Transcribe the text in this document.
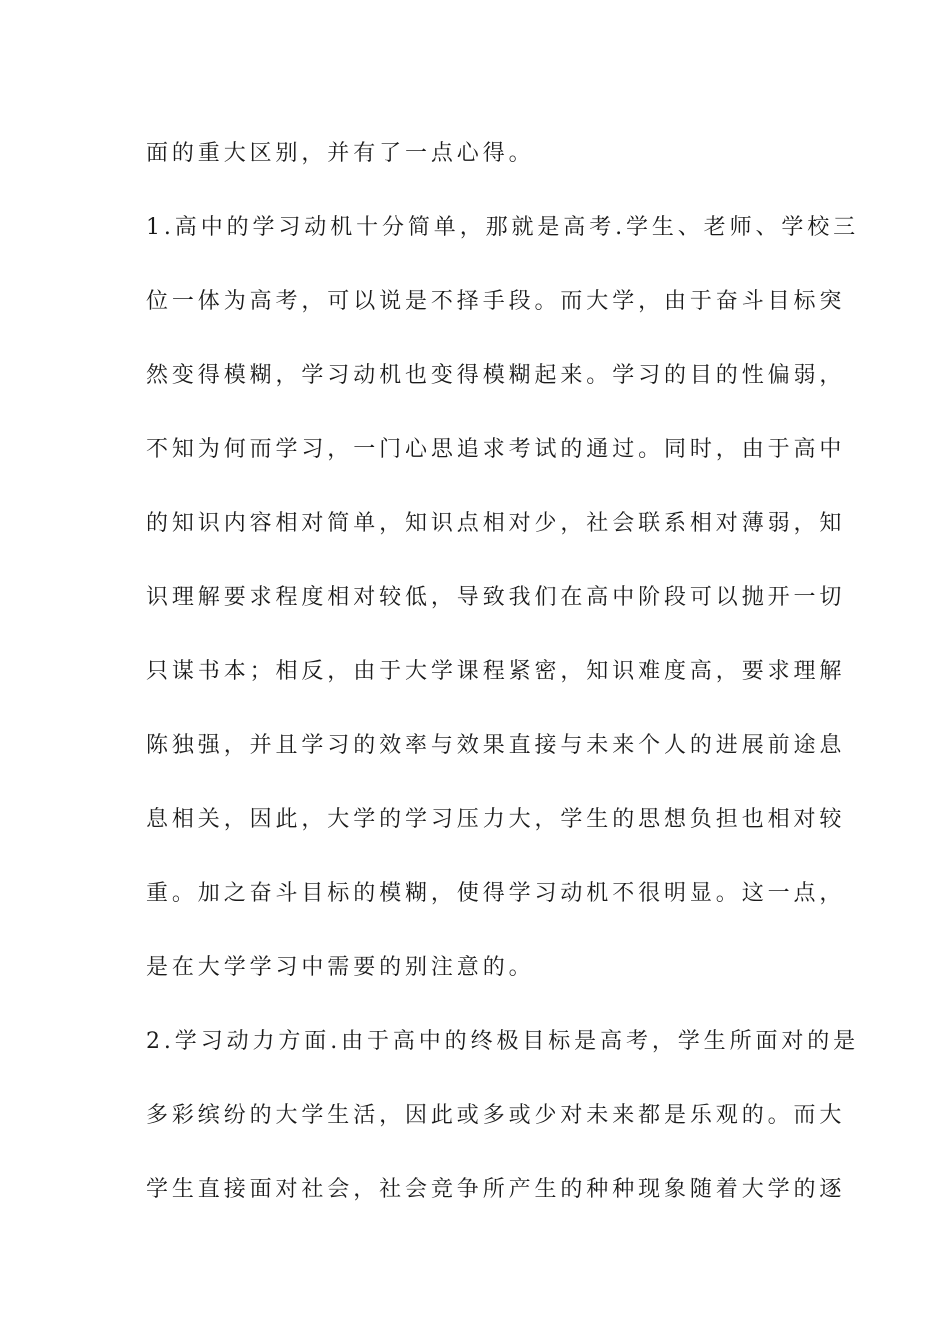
面的重大区别，并有了一点心得。
1.高中的学习动机十分简单，那就是高考.学生、老师、学校三
位一体为高考，可以说是不择手段。而大学，由于奋斗目标突
然变得模糊，学习动机也变得模糊起来。学习的目的性偏弱，
不知为何而学习，一门心思追求考试的通过。同时，由于高中
的知识内容相对简单，知识点相对少，社会联系相对薄弱，知
识理解要求程度相对较低，导致我们在高中阶段可以抛开一切
只谋书本；相反，由于大学课程紧密，知识难度高，要求理解
陈独强，并且学习的效率与效果直接与未来个人的进展前途息
息相关，因此，大学的学习压力大，学生的思想负担也相对较
重。加之奋斗目标的模糊，使得学习动机不很明显。这一点，
是在大学学习中需要的别注意的。
2.学习动力方面.由于高中的终极目标是高考，学生所面对的是
多彩缤纷的大学生活，因此或多或少对未来都是乐观的。而大
学生直接面对社会，社会竞争所产生的种种现象随着大学的逐
